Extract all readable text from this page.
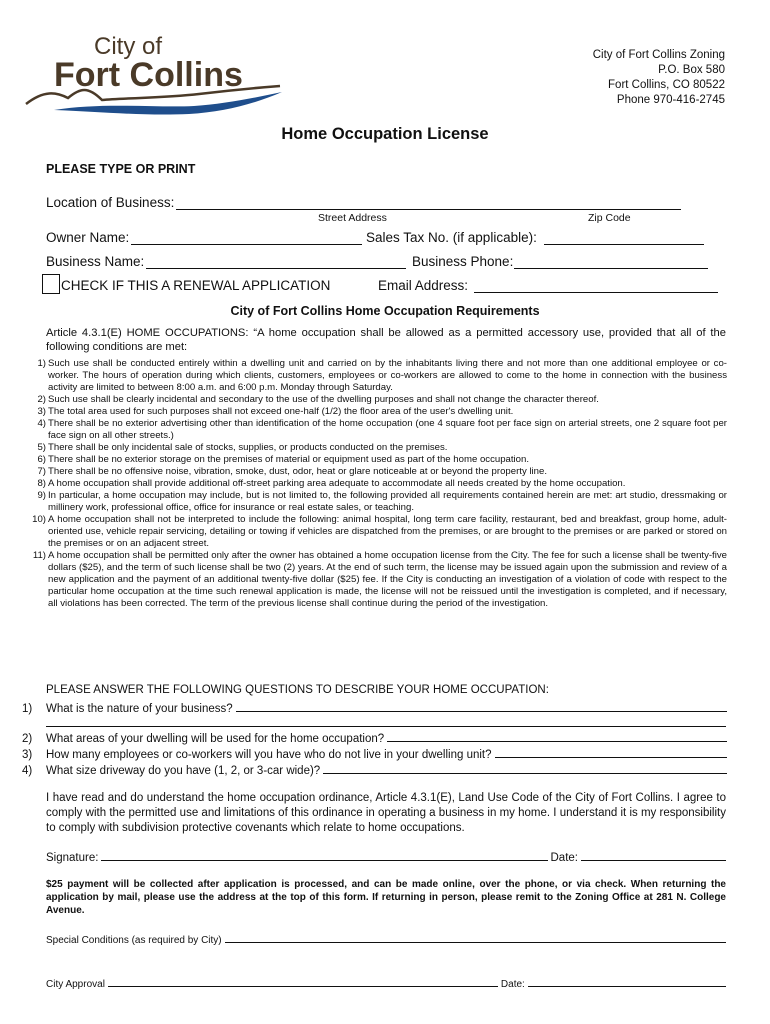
City of
Fort Collins
City of Fort Collins Zoning
P.O. Box 580
Fort Collins, CO 80522
Phone 970-416-2745
Home Occupation License
PLEASE TYPE OR PRINT
Location of Business:
Street Address	Zip Code
Owner Name:	Sales Tax No. (if applicable):
Business Name:	Business Phone:
CHECK IF THIS A RENEWAL APPLICATION	Email Address:
City of Fort Collins Home Occupation Requirements
Article 4.3.1(E) HOME OCCUPATIONS: “A home occupation shall be allowed as a permitted accessory use, provided that all of the following conditions are met:
1) Such use shall be conducted entirely within a dwelling unit and carried on by the inhabitants living there and not more than one additional employee or co-worker. The hours of operation during which clients, customers, employees or co-workers are allowed to come to the home in connection with the business activity are limited to between 8:00 a.m. and 6:00 p.m. Monday through Saturday.
2) Such use shall be clearly incidental and secondary to the use of the dwelling purposes and shall not change the character thereof.
3) The total area used for such purposes shall not exceed one-half (1/2) the floor area of the user's dwelling unit.
4) There shall be no exterior advertising other than identification of the home occupation (one 4 square foot per face sign on arterial streets, one 2 square foot per face sign on all other streets.)
5) There shall be only incidental sale of stocks, supplies, or products conducted on the premises.
6) There shall be no exterior storage on the premises of material or equipment used as part of the home occupation.
7) There shall be no offensive noise, vibration, smoke, dust, odor, heat or glare noticeable at or beyond the property line.
8) A home occupation shall provide additional off-street parking area adequate to accommodate all needs created by the home occupation.
9) In particular, a home occupation may include, but is not limited to, the following provided all requirements contained herein are met: art studio, dressmaking or millinery work, professional office, office for insurance or real estate sales, or teaching.
10) A home occupation shall not be interpreted to include the following: animal hospital, long term care facility, restaurant, bed and breakfast, group home, adult-oriented use, vehicle repair servicing, detailing or towing if vehicles are dispatched from the premises, or are brought to the premises or are parked or stored on the premises or on an adjacent street.
11) A home occupation shall be permitted only after the owner has obtained a home occupation license from the City. The fee for such a license shall be twenty-five dollars ($25), and the term of such license shall be two (2) years. At the end of such term, the license may be issued again upon the submission and review of a new application and the payment of an additional twenty-five dollar ($25) fee. If the City is conducting an investigation of a violation of code with respect to the particular home occupation at the time such renewal application is made, the license will not be reissued until the investigation is completed, and if necessary, all violations has been corrected. The term of the previous license shall continue during the period of the investigation.
PLEASE ANSWER THE FOLLOWING QUESTIONS TO DESCRIBE YOUR HOME OCCUPATION:
1)	What is the nature of your business?
2)	What areas of your dwelling will be used for the home occupation?
3)	How many employees or co-workers will you have who do not live in your dwelling unit?
4)	What size driveway do you have (1, 2, or 3-car wide)?
I have read and do understand the home occupation ordinance, Article 4.3.1(E), Land Use Code of the City of Fort Collins. I agree to comply with the permitted use and limitations of this ordinance in operating a business in my home. I understand it is my responsibility to comply with subdivision protective covenants which relate to home occupations.
Signature:	Date:
$25 payment will be collected after application is processed, and can be made online, over the phone, or via check. When returning the application by mail, please use the address at the top of this form. If returning in person, please remit to the Zoning Office at 281 N. College Avenue.
Special Conditions (as required by City)
City Approval	Date:
